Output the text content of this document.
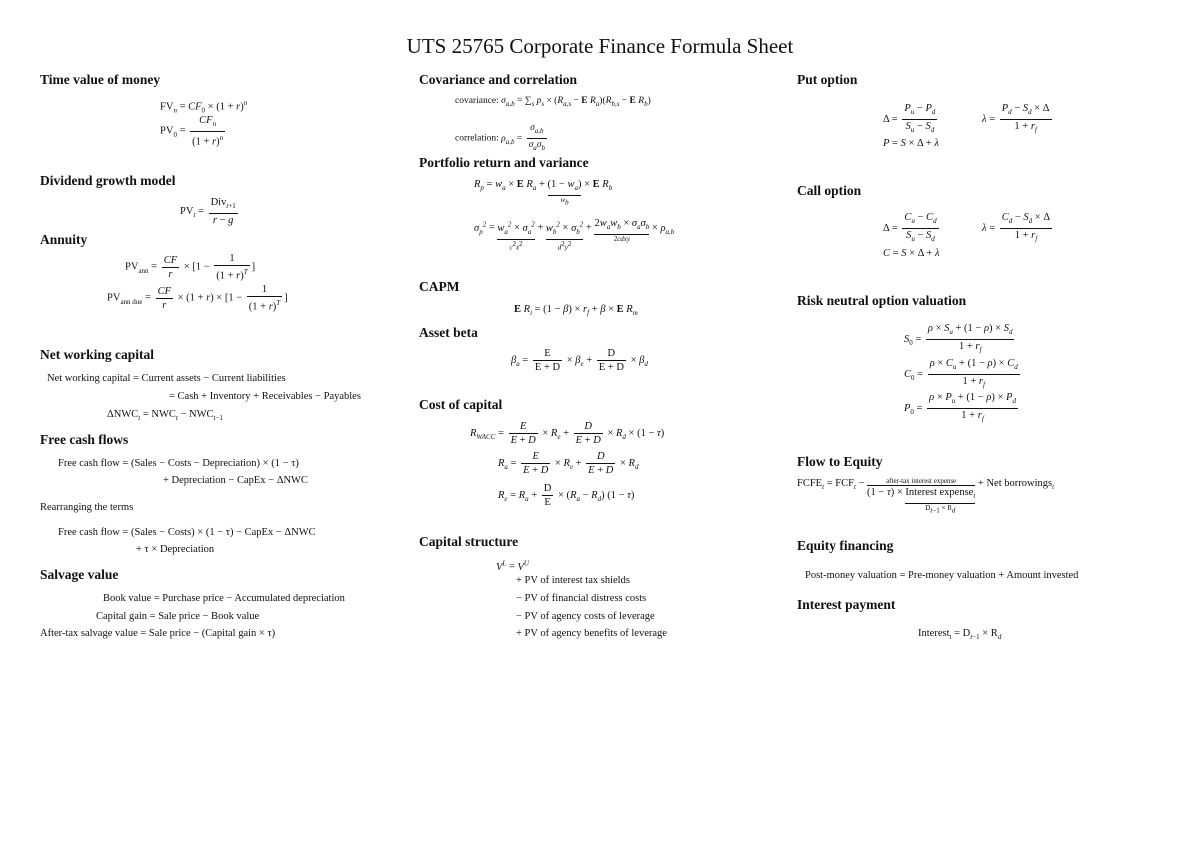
UTS 25765 Corporate Finance Formula Sheet
Time value of money
$FV_n = CF_0 \times (1 + r)^n$
$PV_0 = \frac{CF_n}{(1 + r)^n}$
Dividend growth model
$PV_t = \frac{Div_{t+1}}{r - g}$
Annuity
$PV_{ann} = \frac{CF}{r} \times [1 - \frac{1}{(1 + r)^T}$ ]
$PV_{ann due} = \frac{CF}{r} \times (1 + r) \times [1 - \frac{1}{(1 + r)^T}$ ]
Net working capital
Net working capital = Current assets − Current liabilities
= Cash + Inventory + Receivables − Payables
$\Delta NWC_t = NWC_t - NWC_{t-1}$
Free cash flows
Free cash flow = (Sales − Costs − Depreciation) × (1 − τ)
+ Depreciation − CapEx − ΔNWC
Rearranging the terms
Free cash flow = (Sales − Costs) × (1 − τ) − CapEx − ΔNWC
+ τ × Depreciation
Salvage value
Book value = Purchase price − Accumulated depreciation
Capital gain = Sale price − Book value
After-tax salvage value = Sale price − (Capital gain × τ)
Covariance and correlation
covariance: $\sigma_{a,b} = \sum_s$ $p_s \times (R_{a,s} - E$ $R_a)(R_{b,s} - E$ $R_b$)
correlation: $\rho_{a,b} = \frac{\sigma_{a,b}}{\sigma_a\sigma_b}$
Portfolio return and variance
$R_p = w_a \times E$ $R_a + (1 - w_a)$
$w_b$
× E $R_b$
$\sigma_p^2 = w_a^2 \times \sigma_a^2$
$c^2x^2$
+ $w_b^2 \times \sigma_b^2$
$d^2y^2$
+ $2w_aw_b \times \sigma_a\sigma_b$
2cdxy
× $\rho_{a,b}$
CAPM
E $R_i = (1 - \beta) \times r_f + \beta \times E$ $R_m$
Asset beta
$\beta_a = \frac{E}{E + D} \times \beta_e + \frac{D}{E + D} \times \beta_d$
Cost of capital
$R_{WACC} = \frac{E}{E + D} \times R_e + \frac{D}{E + D} \times R_d \times (1 - \tau)$
$R_a = \frac{E}{E + D} \times R_e + \frac{D}{E + D} \times R_d$
$R_e = R_a + \frac{D}{E} \times (R_a - R_d) (1 - \tau)$
Capital structure
$V^L = V^U$
+ PV of interest tax shields
− PV of financial distress costs
− PV of agency costs of leverage
+ PV of agency benefits of leverage
Put option
$\Delta = \frac{P_u - P_d}{S_u - S_d}$	$\lambda = \frac{P_d - S_d \times \Delta}{1 + r_f}$
P = S × Δ + λ
Call option
$\Delta = \frac{C_u - C_d}{S_u - S_d}$	$\lambda = \frac{C_d - S_d \times \Delta}{1 + r_f}$
C = S × Δ + λ
Risk neutral option valuation
$S_0 = \frac{\rho \times S_u + (1 - \rho) \times S_d}{1 + r_f}$
$C_0 = \frac{\rho \times C_u + (1 - \rho) \times C_d}{1 + r_f}$
$P_0 = \frac{\rho \times P_u + (1 - \rho) \times P_d}{1 + r_f}$
Flow to Equity
$FCFE_t = FCF_t$ −	after-tax interest expense
(1 − τ) × Interest expense$_t$
$D_{t-1} \times R_d$
+ Net borrowings$_t$
Equity financing
Post-money valuation = Pre-money valuation + Amount invested
Interest payment
Interest$_t$ = $D_{t-1} \times R_d$
